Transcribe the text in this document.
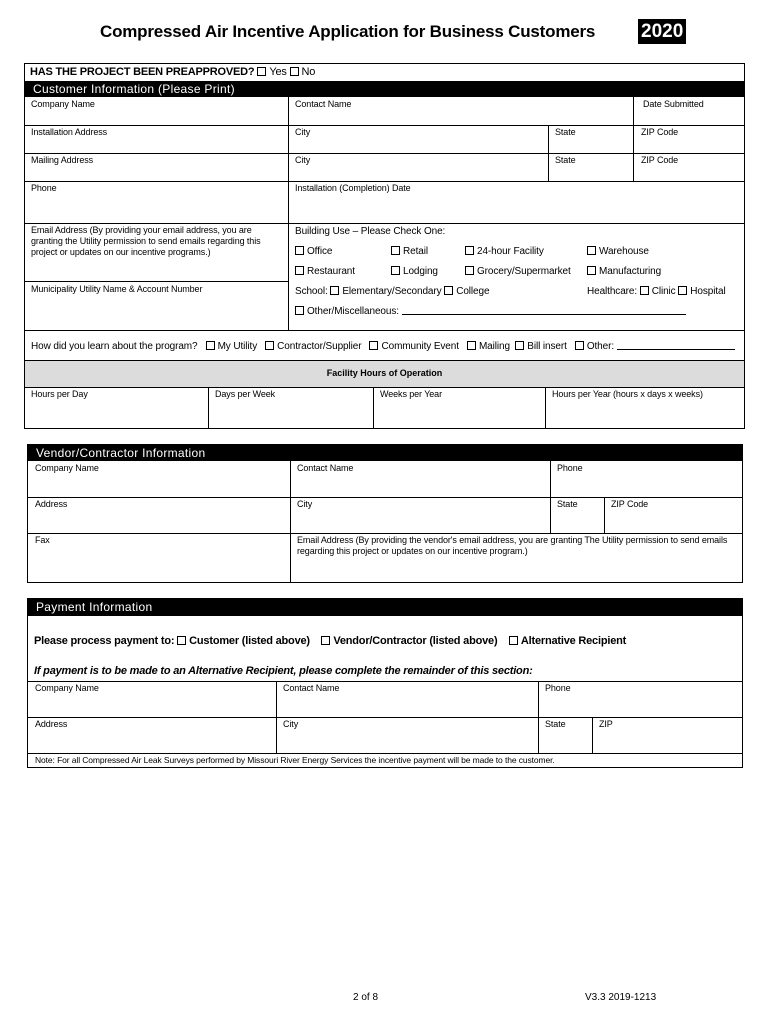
Compressed Air Incentive Application for Business Customers 2020
HAS THE PROJECT BEEN PREAPPROVED? Yes No
Customer Information (Please Print)
Company Name	Contact Name	Date Submitted
Installation Address	City	State	ZIP Code
Mailing Address	City	State	ZIP Code
Phone	Installation (Completion) Date
Email Address (By providing your email address, you are granting the Utility permission to send emails regarding this project or updates on our incentive programs.)
Municipality Utility Name & Account Number
Building Use – Please Check One:
Office	Retail	24-hour Facility	Warehouse
Restaurant	Lodging	Grocery/Supermarket	Manufacturing
School: Elementary/Secondary College	Healthcare: Clinic Hospital
Other/Miscellaneous:
How did you learn about the program? My Utility Contractor/Supplier Community Event Mailing Bill insert Other:
Facility Hours of Operation
Hours per Day	Days per Week	Weeks per Year	Hours per Year (hours x days x weeks)
Vendor/Contractor Information
Company Name	Contact Name	Phone
Address	City	State	ZIP Code
Fax	Email Address (By providing the vendor's email address, you are granting The Utility permission to send emails regarding this project or updates on our incentive program.)
Payment Information
Please process payment to: Customer (listed above) Vendor/Contractor (listed above) Alternative Recipient
If payment is to be made to an Alternative Recipient, please complete the remainder of this section:
Company Name	Contact Name	Phone
Address	City	State	ZIP
Note: For all Compressed Air Leak Surveys performed by Missouri River Energy Services the incentive payment will be made to the customer.
2 of 8	V3.3 2019-1213
